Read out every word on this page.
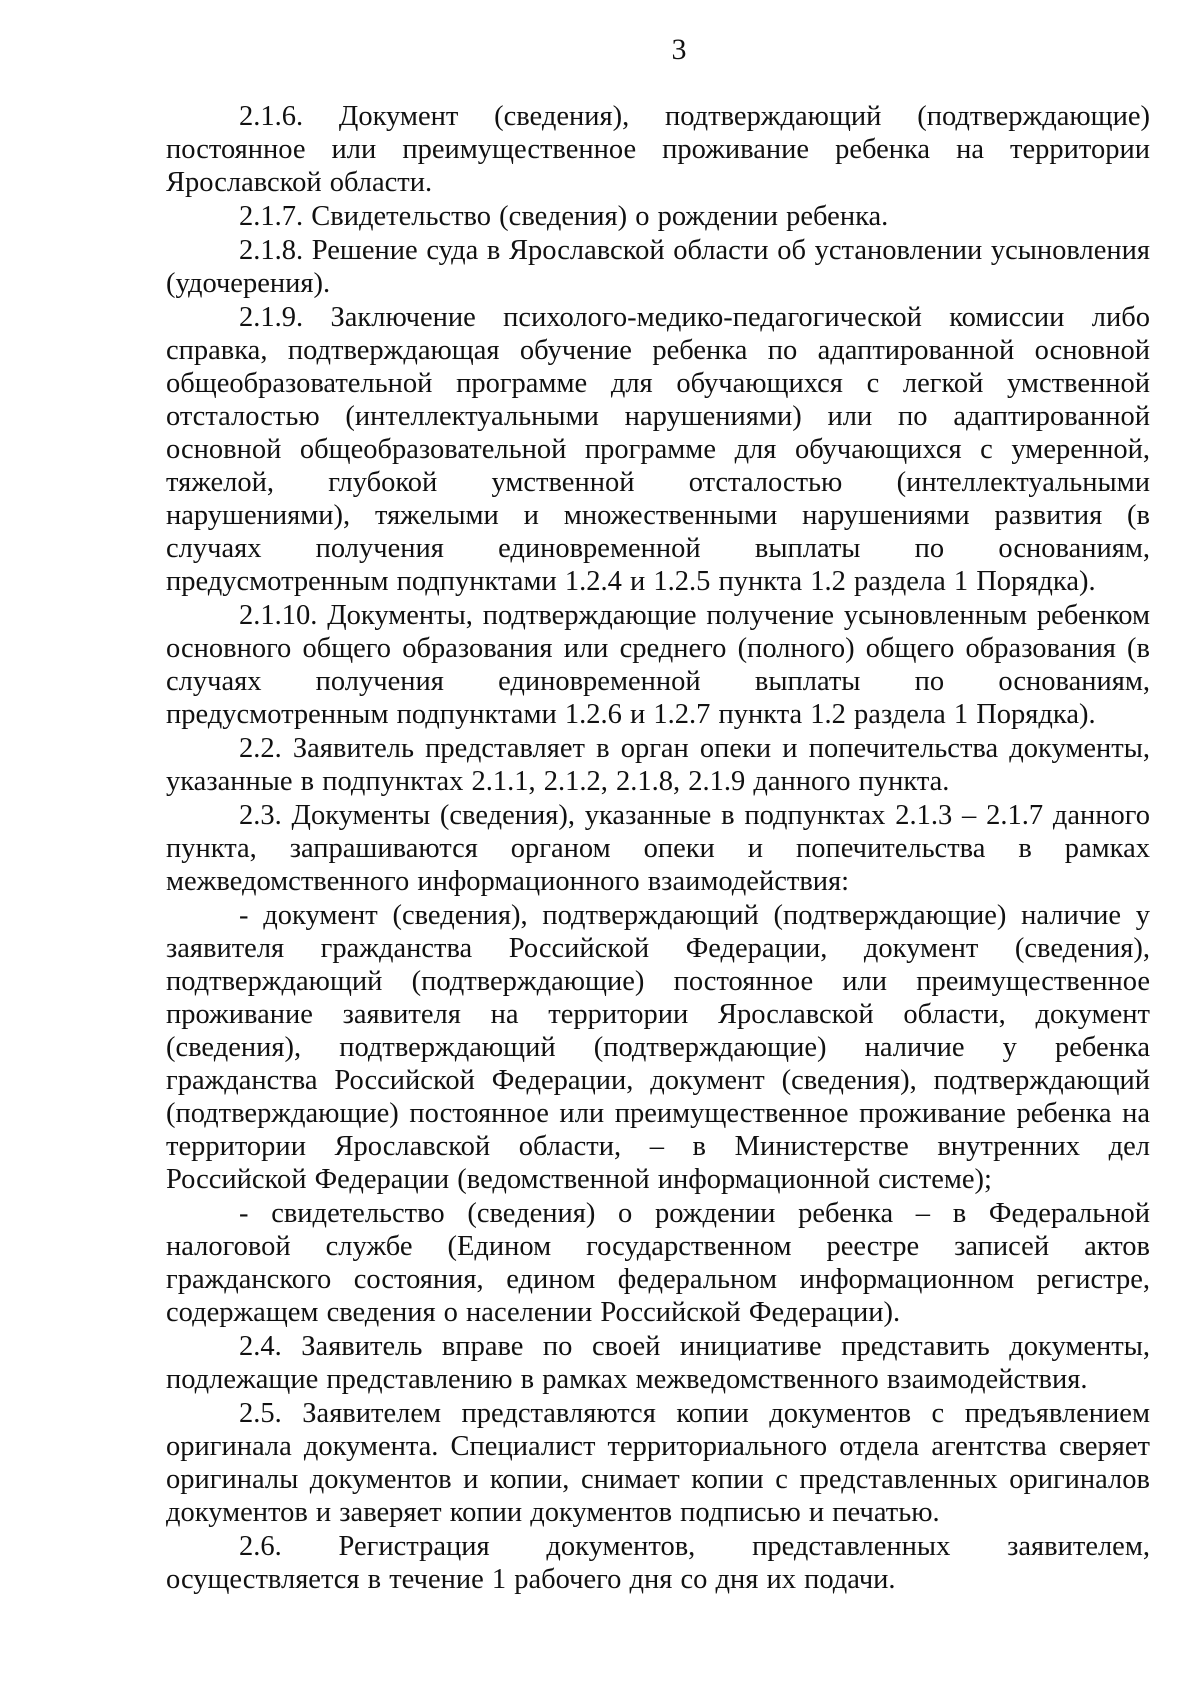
3

2.1.6. Документ (сведения), подтверждающий (подтверждающие) постоянное или преимущественное проживание ребенка на территории Ярославской области.

2.1.7. Свидетельство (сведения) о рождении ребенка.

2.1.8. Решение суда в Ярославской области об установлении усыновления (удочерения).

2.1.9. Заключение психолого-медико-педагогической комиссии либо справка, подтверждающая обучение ребенка по адаптированной основной общеобразовательной программе для обучающихся с легкой умственной отсталостью (интеллектуальными нарушениями) или по адаптированной основной общеобразовательной программе для обучающихся с умеренной, тяжелой, глубокой умственной отсталостью (интеллектуальными нарушениями), тяжелыми и множественными нарушениями развития (в случаях получения единовременной выплаты по основаниям, предусмотренным подпунктами 1.2.4 и 1.2.5 пункта 1.2 раздела 1 Порядка).

2.1.10. Документы, подтверждающие получение усыновленным ребенком основного общего образования или среднего (полного) общего образования (в случаях получения единовременной выплаты по основаниям, предусмотренным подпунктами 1.2.6 и 1.2.7 пункта 1.2 раздела 1 Порядка).

2.2. Заявитель представляет в орган опеки и попечительства документы, указанные в подпунктах 2.1.1, 2.1.2, 2.1.8, 2.1.9 данного пункта.

2.3. Документы (сведения), указанные в подпунктах 2.1.3 – 2.1.7 данного пункта, запрашиваются органом опеки и попечительства в рамках межведомственного информационного взаимодействия:

- документ (сведения), подтверждающий (подтверждающие) наличие у заявителя гражданства Российской Федерации, документ (сведения), подтверждающий (подтверждающие) постоянное или преимущественное проживание заявителя на территории Ярославской области, документ (сведения), подтверждающий (подтверждающие) наличие у ребенка гражданства Российской Федерации, документ (сведения), подтверждающий (подтверждающие) постоянное или преимущественное проживание ребенка на территории Ярославской области, – в Министерстве внутренних дел Российской Федерации (ведомственной информационной системе);

- свидетельство (сведения) о рождении ребенка – в Федеральной налоговой службе (Едином государственном реестре записей актов гражданского состояния, едином федеральном информационном регистре, содержащем сведения о населении Российской Федерации).

2.4. Заявитель вправе по своей инициативе представить документы, подлежащие представлению в рамках межведомственного взаимодействия.

2.5. Заявителем представляются копии документов с предъявлением оригинала документа. Специалист территориального отдела агентства сверяет оригиналы документов и копии, снимает копии с представленных оригиналов документов и заверяет копии документов подписью и печатью.

2.6. Регистрация документов, представленных заявителем, осуществляется в течение 1 рабочего дня со дня их подачи.
